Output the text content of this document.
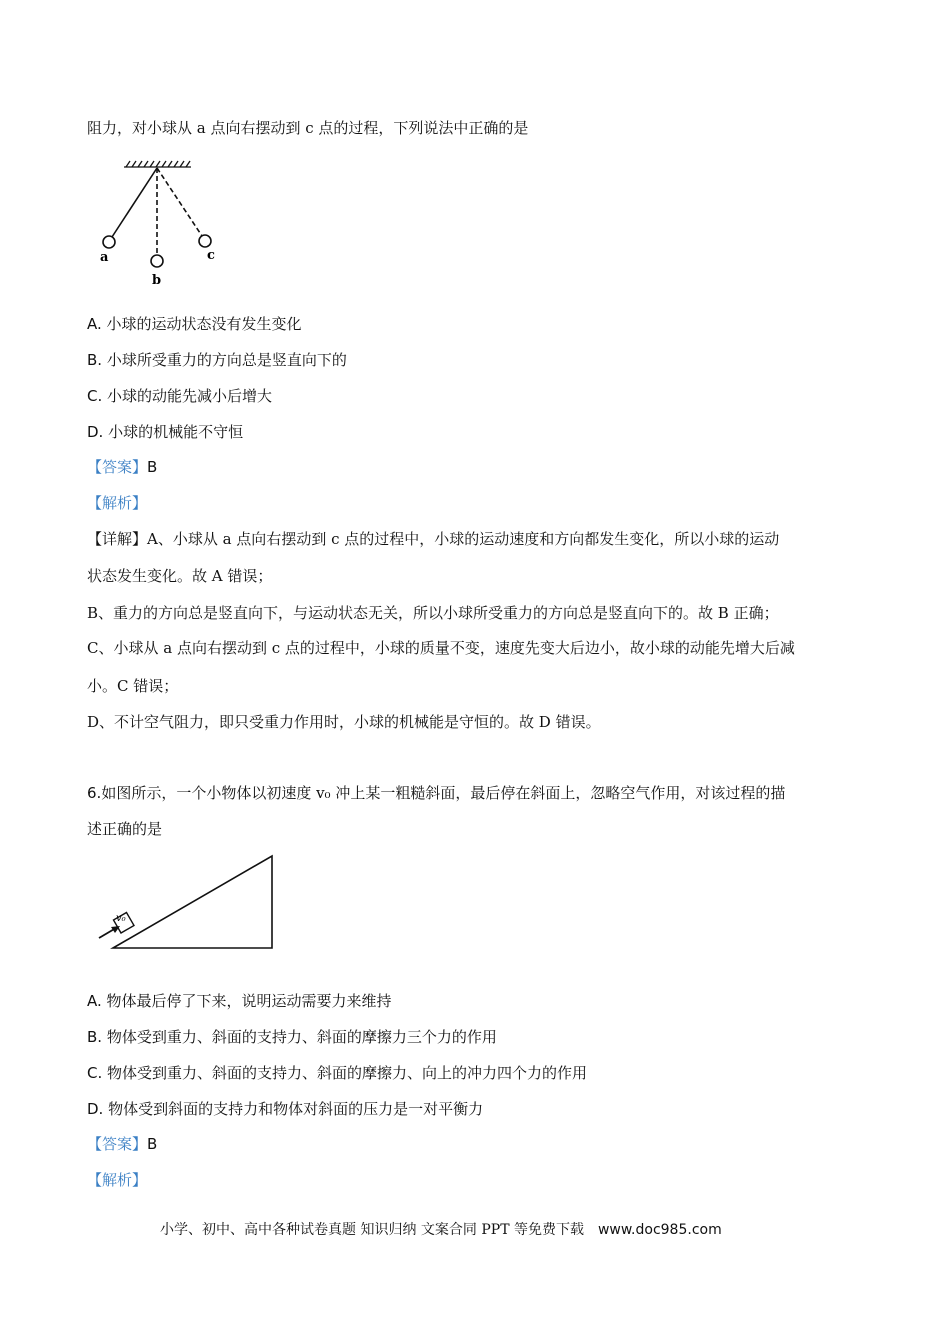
阻力，对小球从 a 点向右摆动到 c 点的过程，下列说法中正确的是
a
b
c
A. 小球的运动状态没有发生变化
B. 小球所受重力的方向总是竖直向下的
C. 小球的动能先减小后增大
D. 小球的机械能不守恒
【答案】B
【解析】
【详解】A、小球从 a 点向右摆动到 c 点的过程中，小球的运动速度和方向都发生变化，所以小球的运动
状态发生变化。故 A 错误；
B、重力的方向总是竖直向下，与运动状态无关，所以小球所受重力的方向总是竖直向下的。故 B 正确；
C、小球从 a 点向右摆动到 c 点的过程中，小球的质量不变，速度先变大后边小，故小球的动能先增大后减
小。C 错误；
D、不计空气阻力，即只受重力作用时，小球的机械能是守恒的。故 D 错误。
6.如图所示，一个小物体以初速度 v₀ 冲上某一粗糙斜面，最后停在斜面上，忽略空气作用，对该过程的描
述正确的是
v₀
A. 物体最后停了下来，说明运动需要力来维持
B. 物体受到重力、斜面的支持力、斜面的摩擦力三个力的作用
C. 物体受到重力、斜面的支持力、斜面的摩擦力、向上的冲力四个力的作用
D. 物体受到斜面的支持力和物体对斜面的压力是一对平衡力
【答案】B
【解析】
小学、初中、高中各种试卷真题 知识归纳 文案合同 PPT 等免费下载 www.doc985.com
